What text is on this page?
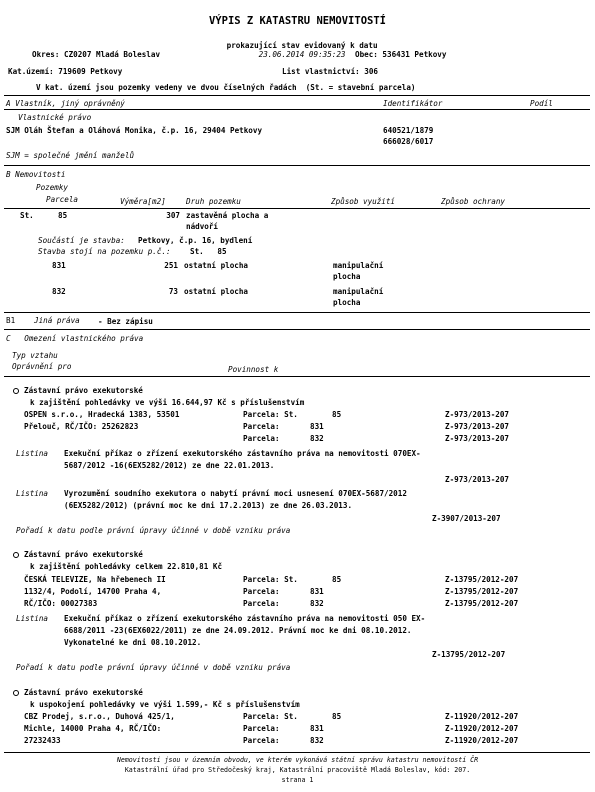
VÝPIS Z KATASTRU NEMOVITOSTÍ

prokazující stav evidovaný k datu
23.06.2014 09:35:23

Okres: CZ0207 Mladá Boleslav	Obec: 536431 Petkovy
Kat.území: 719609 Petkovy	List vlastnictví: 306
V kat. území jsou pozemky vedeny ve dvou číselných řadách  (St. = stavební parcela)
A Vlastník, jiný oprávněný	Identifikátor	Podíl
Vlastnické právo
SJM Oláh Štefan a Oláhová Monika, č.p. 16, 29404 Petkovy	640521/1879
666028/6017
SJM = společné jmění manželů
B Nemovitosti
Pozemky
Parcela	Výměra[m2]	Druh pozemku	Způsob využití	Způsob ochrany
St.	85	307 zastavěná plocha a
nádvoří
Součástí je stavba: Petkovy, č.p. 16, bydlení
Stavba stojí na pozemku p.č.:	St.   85
831	251 ostatní plocha	manipulační
plocha
832	73 ostatní plocha	manipulační
plocha
B1 Jiná práva - Bez zápisu
C   Omezení vlastnického práva
Typ vztahu
Oprávnění pro	Povinnost k
Zástavní právo exekutorské
k zajištění pohledávky ve výši 16.644,97 Kč s příslušenstvím
OSPEN s.r.o., Hradecká 1383, 53501
Přelouč, RČ/IČO: 25262823
Parcela: St.	85	Z-973/2013-207
Parcela:	831	Z-973/2013-207
Parcela:	832	Z-973/2013-207
Listina Exekuční příkaz o zřízení exekutorského zástavního práva na nemovitosti 070EX-
5687/2012 -16(6EX5282/2012) ze dne 22.01.2013.
Z-973/2013-207
Listina Vyrozumění soudního exekutora o nabytí právní moci usnesení 070EX-5687/2012
(6EX5282/2012) (právní moc ke dni 17.2.2013) ze dne 26.03.2013.
Z-3907/2013-207
Pořadí k datu podle právní úpravy účinné v době vzniku práva
Zástavní právo exekutorské
k zajištění pohledávky celkem 22.810,81 Kč
ČESKÁ TELEVIZE, Na hřebenech II
1132/4, Podolí, 14700 Praha 4,
RČ/IČO: 00027383
Parcela: St.	85	Z-13795/2012-207
Parcela:	831	Z-13795/2012-207
Parcela:	832	Z-13795/2012-207
Listina Exekuční příkaz o zřízení exekutorského zástavního práva na nemovitosti 050 EX-
6688/2011 -23(6EX6022/2011) ze dne 24.09.2012. Právní moc ke dni 08.10.2012.
Vykonatelné ke dni 08.10.2012.
Z-13795/2012-207
Pořadí k datu podle právní úpravy účinné v době vzniku práva
Zástavní právo exekutorské
k uspokojení pohledávky ve výši 1.599,- Kč s příslušenstvím
CBZ Prodej, s.r.o., Duhová 425/1,
Michle, 14000 Praha 4, RČ/IČO:
27232433
Parcela: St.	85	Z-11920/2012-207
Parcela:	831	Z-11920/2012-207
Parcela:	832	Z-11920/2012-207
Nemovitosti jsou v územním obvodu, ve kterém vykonává státní správu katastru nemovitostí ČR
Katastrální úřad pro Středočeský kraj, Katastrální pracoviště Mladá Boleslav, kód: 207.
strana 1
